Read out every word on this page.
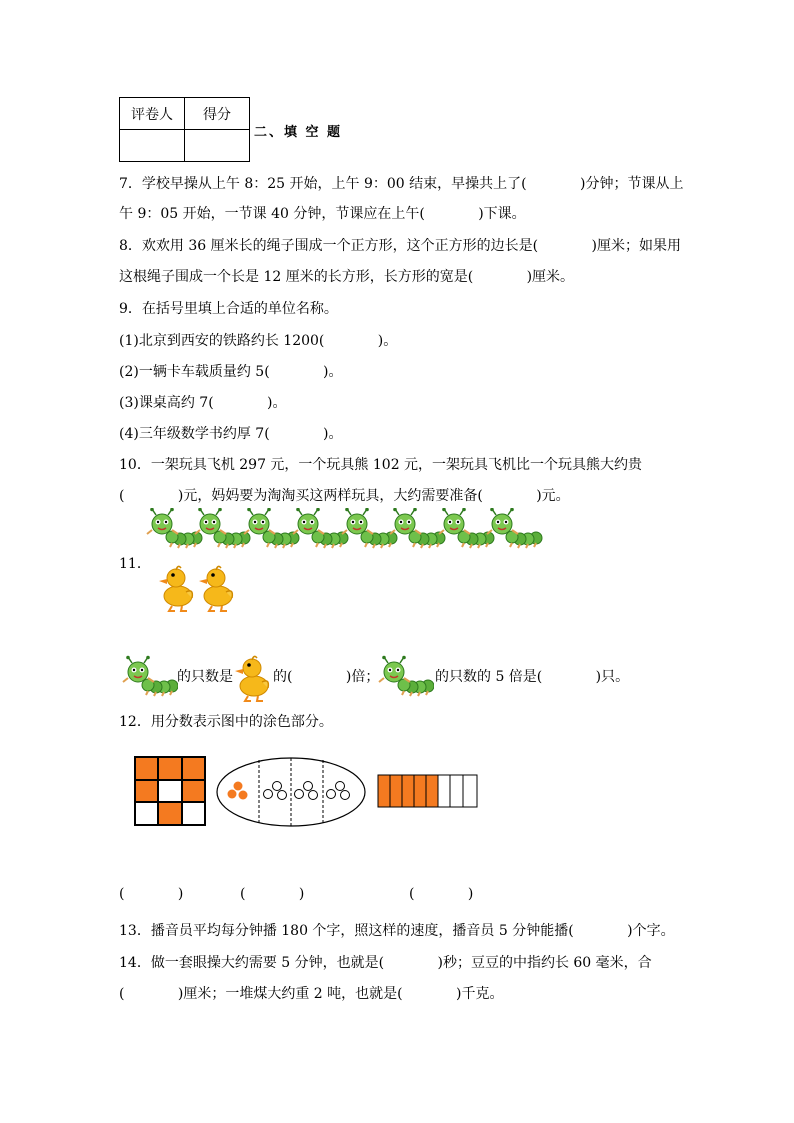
评卷人	得分

二、填 空 题
7．学校早操从上午 8：25 开始，上午 9：00 结束，早操共上了(            )分钟；节课从上
午 9：05 开始，一节课 40 分钟，节课应在上午(            )下课。
8．欢欢用 36 厘米长的绳子围成一个正方形，这个正方形的边长是(            )厘米；如果用
这根绳子围成一个长是 12 厘米的长方形，长方形的宽是(            )厘米。
9．在括号里填上合适的单位名称。
(1)北京到西安的铁路约长 1200(            )。
(2)一辆卡车载质量约 5(            )。
(3)课桌高约 7(            )。
(4)三年级数学书约厚 7(            )。
10．一架玩具飞机 297 元，一个玩具熊 102 元，一架玩具飞机比一个玩具熊大约贵
(            )元，妈妈要为淘淘买这两样玩具，大约需要准备(            )元。
11．
的只数是	的(            )倍；	的只数的 5 倍是(            )只。
12．用分数表示图中的涂色部分。
(            )	(            )	(            )
13．播音员平均每分钟播 180 个字，照这样的速度，播音员 5 分钟能播(            )个字。
14．做一套眼操大约需要 5 分钟，也就是(            )秒；豆豆的中指约长 60 毫米，合
(            )厘米；一堆煤大约重 2 吨，也就是(            )千克。
